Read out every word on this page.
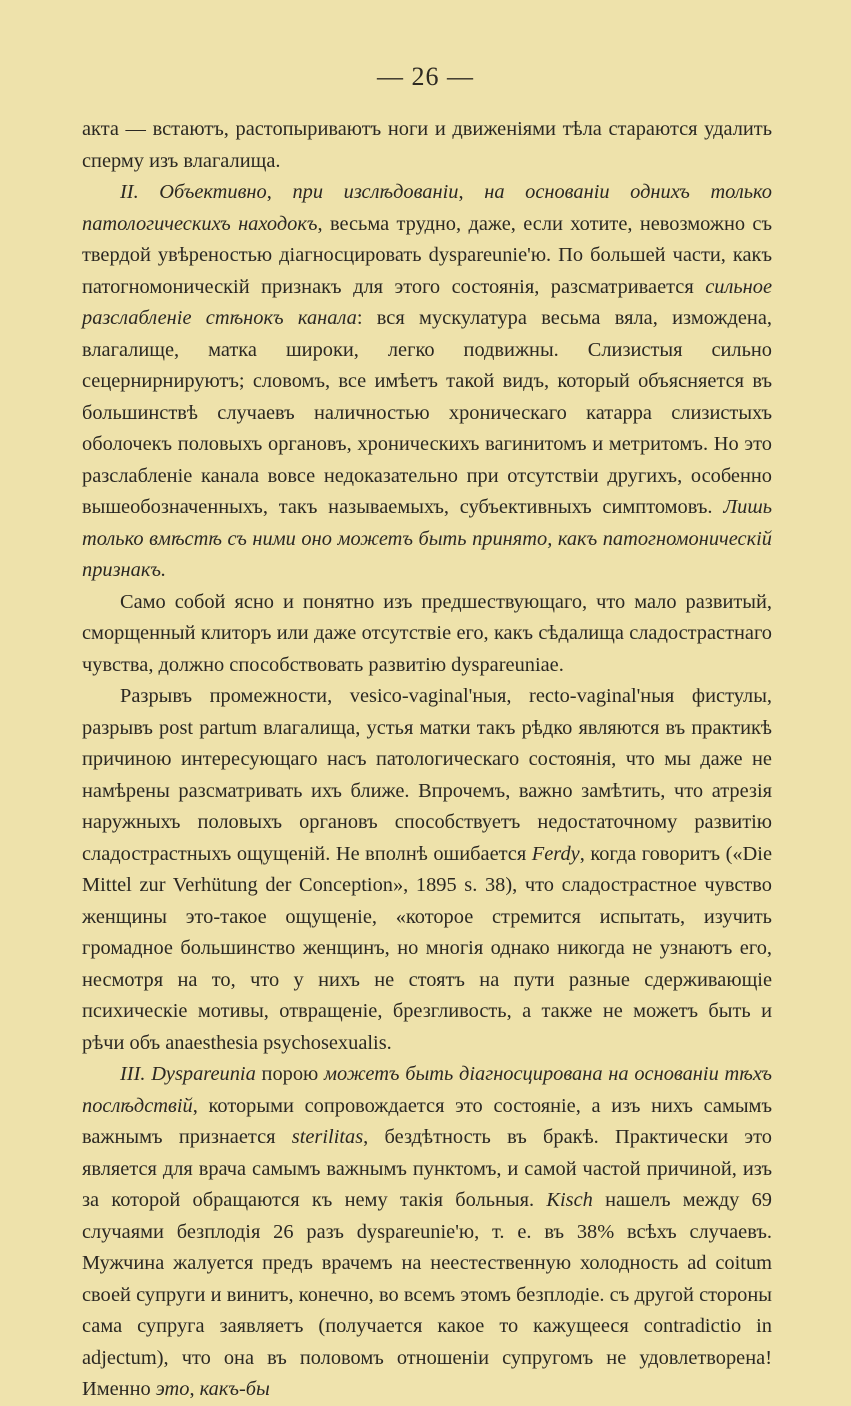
— 26 —

акта — встаютъ, растопыриваютъ ноги и движеніями тѣла стараются удалить сперму изъ влагалища.

II. Объективно, при изслѣдованіи, на основаніи однихъ только патологическихъ находокъ, весьма трудно, даже, если хотите, невозможно съ твердой увѣреностью діагносцировать dyspareunie'ю. По большей части, какъ патогномоническій признакъ для этого состоянія, разсматривается сильное разслабленіе стѣнокъ канала: вся мускулатура весьма вяла, изможденa, влагалище, матка широки, легко подвижны. Слизистыя сильно сецернирнируютъ; словомъ, все имѣетъ такой видъ, который объясняется въ большинствѣ случаевъ наличностью хроническаго катарра слизистыхъ оболочекъ половыхъ органовъ, хроническихъ вагинитомъ и метритомъ. Но это разслабленіе канала вовсе недоказательно при отсутствіи другихъ, особенно вышеобозначенныхъ, такъ называемыхъ, субъективныхъ симптомовъ. Лишь только вмѣстѣ съ ними оно можетъ быть принято, какъ патогномоническій признакъ.

Само собой ясно и понятно изъ предшествующаго, что мало развитый, сморщенный клиторъ или даже отсутствіе его, какъ сѣдалища сладострастнаго чувства, должно способствовать развитію dyspareuniae.

Разрывъ промежности, vesico-vaginal'ныя, recto-vaginal'ныя фистулы, разрывъ post partum влагалища, устья матки такъ рѣдко являются въ практикѣ причиною интересующаго насъ патологическаго состоянія, что мы даже не намѣрены разсматривать ихъ ближе. Впрочемъ, важно замѣтить, что атрезія наружныхъ половыхъ органовъ способствуетъ недостаточному развитію сладострастныхъ ощущеній. Не вполнѣ ошибается Ferdy, когда говоритъ («Die Mittel zur Verhütung der Conception», 1895 s. 38), что сладострастное чувство женщины это-такое ощущеніе, «которое стремится испытать, изучить громадное большинство женщинъ, но многія однако никогда не узнаютъ его, несмотря на то, что у нихъ не стоятъ на пути разные сдерживающіе психическіе мотивы, отвращеніе, брезгливость, а также не можетъ быть и рѣчи объ anaesthesia psychosexualis.

III. Dyspareunia порою можетъ быть діагносцирована на основаніи тѣхъ послѣдствій, которыми сопровождается это состояніе, а изъ нихъ самымъ важнымъ признается sterilitas, бездѣтность въ бракѣ. Практически это является для врача самымъ важнымъ пунктомъ, и самой частой причиной, изъ за которой обращаются къ нему такія больныя. Kisch нашелъ между 69 случаями безплодія 26 разъ dyspareunie'ю, т. е. въ 38% всѣхъ случаевъ. Мужчина жалуется предъ врачемъ на неестественную холодность ad coitum своей супруги и винитъ, конечно, во всемъ этомъ безплодіе. съ другой стороны сама супруга заявляетъ (получается какое то кажущееся contradictio in adjectum), что она въ половомъ отношеніи супругомъ не удовлетворена! Именно это, какъ-бы
